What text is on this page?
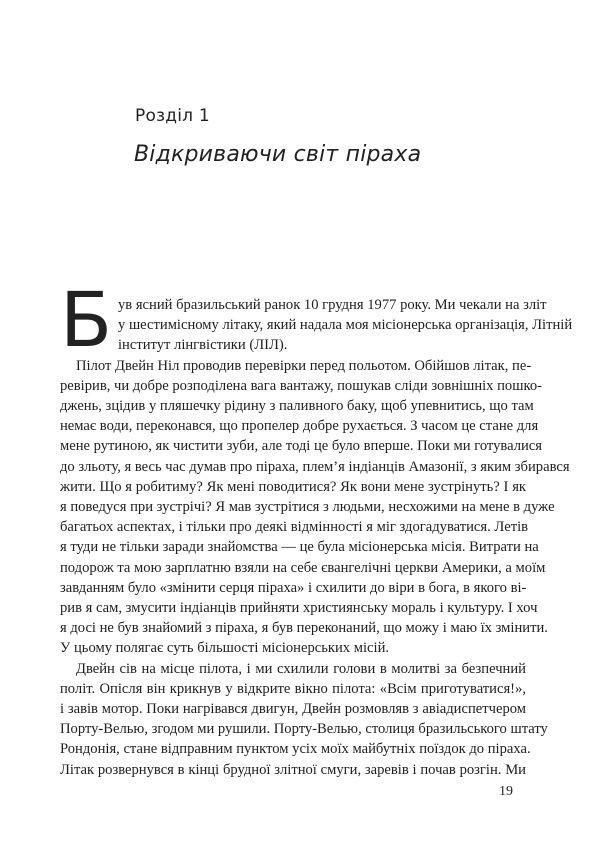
Розділ 1
Відкриваючи світ піраха
Б ув ясний бразильський ранок 10 грудня 1977 року. Ми чекали на зліт
у шестимісному літаку, який надала моя місіонерська організація, Літній
інститут лінгвістики (ЛІЛ).
Пілот Двейн Ніл проводив перевірки перед польотом. Обійшов літак, пе-
ревірив, чи добре розподілена вага вантажу, пошукав сліди зовнішніх пошко-
джень, зцідив у пляшечку рідину з паливного баку, щоб упевнитись, що там
немає води, переконався, що пропелер добре рухається. З часом це стане для
мене рутиною, як чистити зуби, але тоді це було вперше. Поки ми готувалися
до зльоту, я весь час думав про піраха, плем’я індіанців Амазонії, з яким збирався
жити. Що я робитиму? Як мені поводитися? Як вони мене зустрінуть? І як
я поведуся при зустрічі? Я мав зустрітися з людьми, несхожими на мене в дуже
багатьох аспектах, і тільки про деякі відмінності я міг здогадуватися. Летів
я туди не тільки заради знайомства — це була місіонерська місія. Витрати на
подорож та мою зарплатню взяли на себе євангелічні церкви Америки, а моїм
завданням було «змінити серця піраха» і схилити до віри в бога, в якого ві-
рив я сам, змусити індіанців прийняти християнську мораль і культуру. І хоч
я досі не був знайомий з піраха, я був переконаний, що можу і маю їх змінити.
У цьому полягає суть більшості місіонерських місій.
Двейн сів на місце пілота, і ми схилили голови в молитві за безпечний
політ. Опісля він крикнув у відкрите вікно пілота: «Всім приготуватися!»,
і завів мотор. Поки нагрівався двигун, Двейн розмовляв з авіадиспетчером
Порту-Велью, згодом ми рушили. Порту-Велью, столиця бразильського штату
Рондонія, стане відправним пунктом усіх моїх майбутніх поїздок до піраха.
Літак розвернувся в кінці брудної злітної смуги, заревів і почав розгін. Ми
19
